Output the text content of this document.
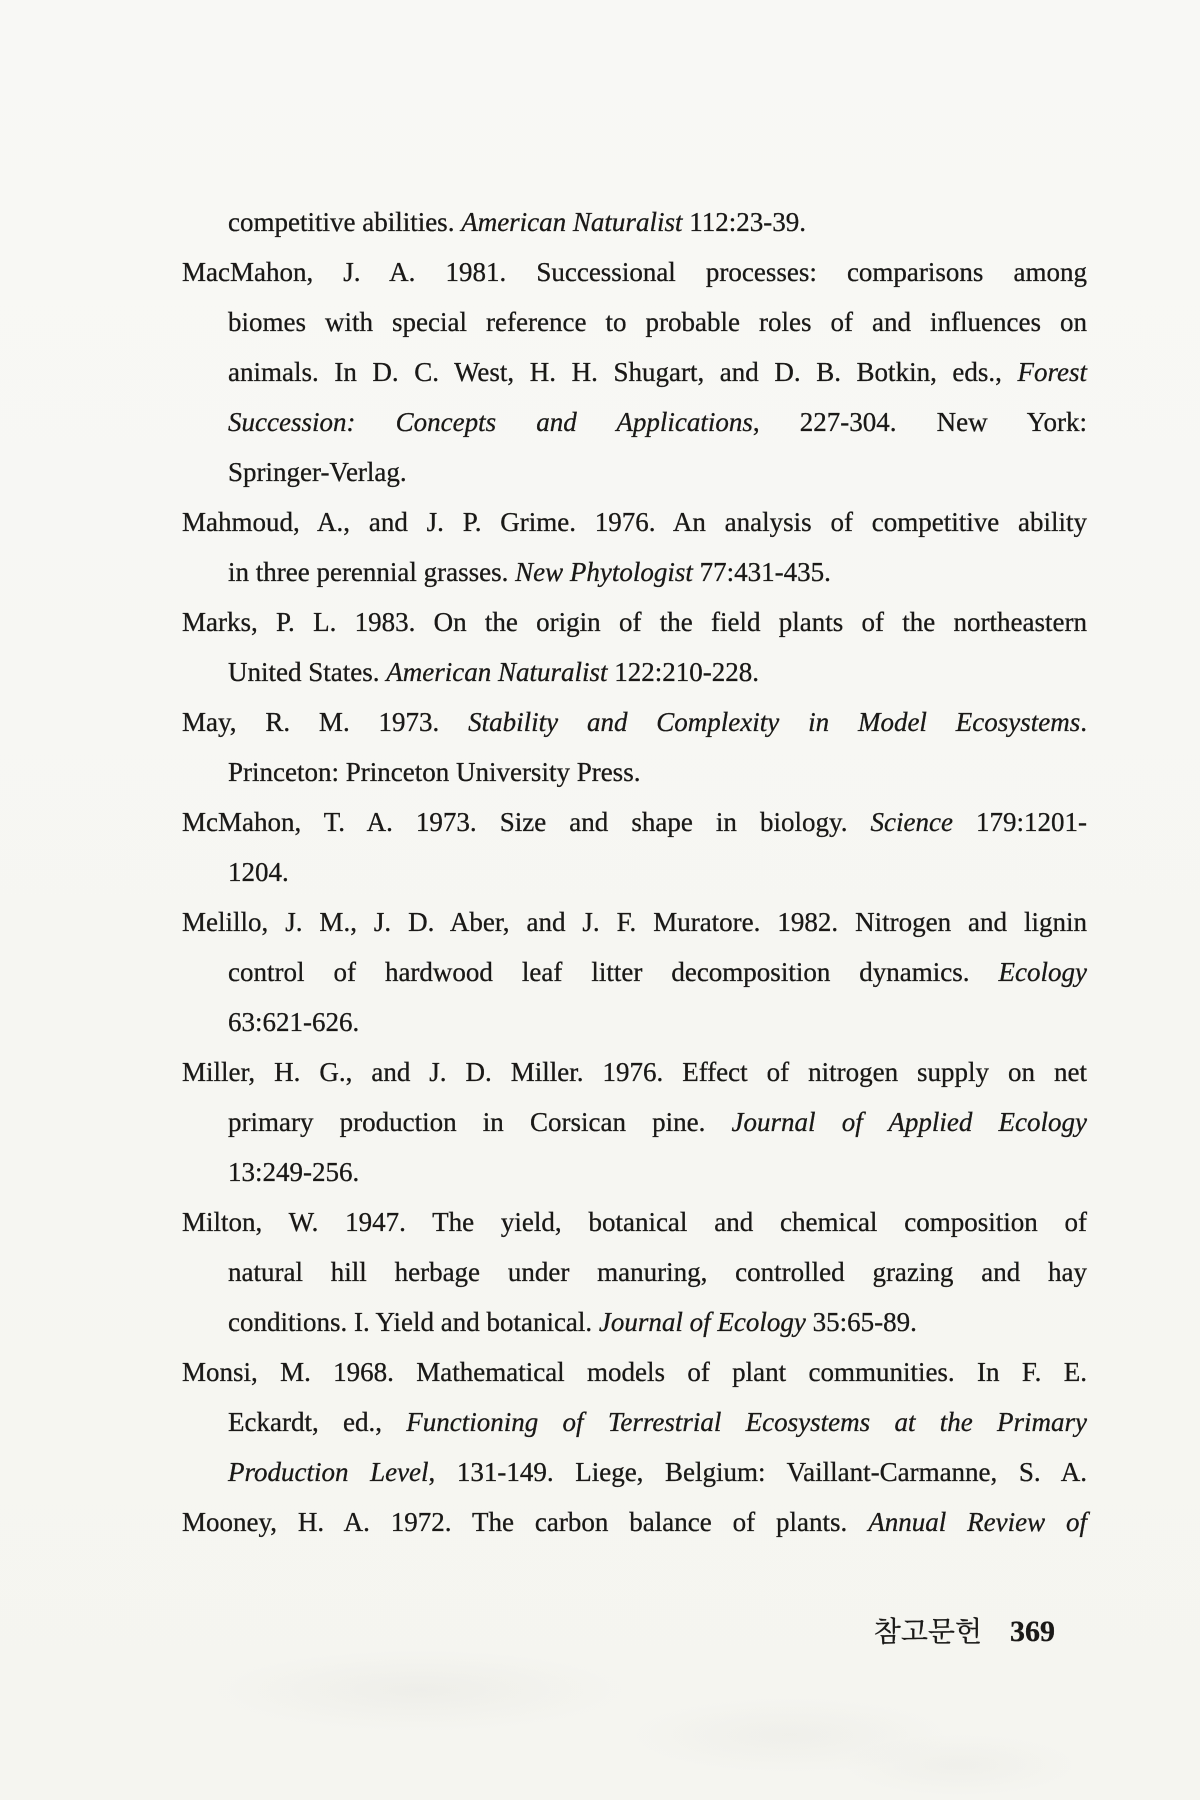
competitive abilities. American Naturalist 112:23-39.
MacMahon, J. A. 1981. Successional processes: comparisons among
biomes with special reference to probable roles of and influences on
animals. In D. C. West, H. H. Shugart, and D. B. Botkin, eds., Forest
Succession: Concepts and Applications, 227-304. New York:
Springer-Verlag.
Mahmoud, A., and J. P. Grime. 1976. An analysis of competitive ability
in three perennial grasses. New Phytologist 77:431-435.
Marks, P. L. 1983. On the origin of the field plants of the northeastern
United States. American Naturalist 122:210-228.
May, R. M. 1973. Stability and Complexity in Model Ecosystems.
Princeton: Princeton University Press.
McMahon, T. A. 1973. Size and shape in biology. Science 179:1201-
1204.
Melillo, J. M., J. D. Aber, and J. F. Muratore. 1982. Nitrogen and lignin
control of hardwood leaf litter decomposition dynamics. Ecology
63:621-626.
Miller, H. G., and J. D. Miller. 1976. Effect of nitrogen supply on net
primary production in Corsican pine. Journal of Applied Ecology
13:249-256.
Milton, W. 1947. The yield, botanical and chemical composition of
natural hill herbage under manuring, controlled grazing and hay
conditions. I. Yield and botanical. Journal of Ecology 35:65-89.
Monsi, M. 1968. Mathematical models of plant communities. In F. E.
Eckardt, ed., Functioning of Terrestrial Ecosystems at the Primary
Production Level, 131-149. Liege, Belgium: Vaillant-Carmanne, S. A.
Mooney, H. A. 1972. The carbon balance of plants. Annual Review of
참고문헌 369
